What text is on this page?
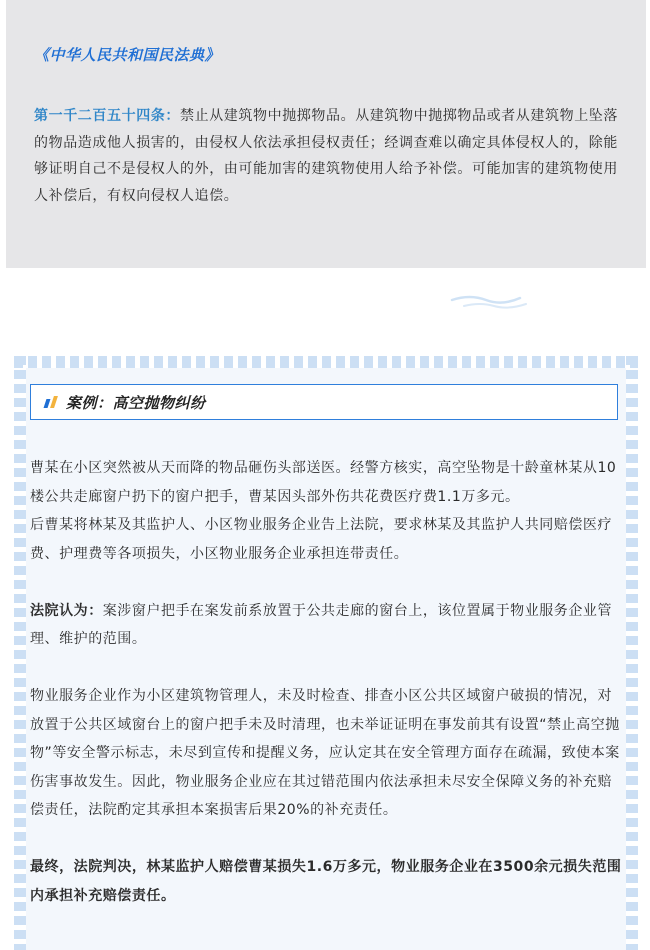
《中华人民共和国民法典》

第一千二百五十四条：禁止从建筑物中抛掷物品。从建筑物中抛掷物品或者从建筑物上坠落的物品造成他人损害的，由侵权人依法承担侵权责任；经调查难以确定具体侵权人的，除能够证明自己不是侵权人的外，由可能加害的建筑物使用人给予补偿。可能加害的建筑物使用人补偿后，有权向侵权人追偿。
案例：高空抛物纠纷

曹某在小区突然被从天而降的物品砸伤头部送医。经警方核实，高空坠物是十龄童林某从10楼公共走廊窗户扔下的窗户把手，曹某因头部外伤共花费医疗费1.1万多元。

后曹某将林某及其监护人、小区物业服务企业告上法院，要求林某及其监护人共同赔偿医疗费、护理费等各项损失，小区物业服务企业承担连带责任。

法院认为：案涉窗户把手在案发前系放置于公共走廊的窗台上，该位置属于物业服务企业管理、维护的范围。

物业服务企业作为小区建筑物管理人，未及时检查、排查小区公共区域窗户破损的情况，对放置于公共区域窗台上的窗户把手未及时清理，也未举证证明在事发前其有设置“禁止高空抛物”等安全警示标志，未尽到宣传和提醒义务，应认定其在安全管理方面存在疏漏，致使本案伤害事故发生。因此，物业服务企业应在其过错范围内依法承担未尽安全保障义务的补充赔偿责任，法院酌定其承担本案损害后果20%的补充责任。

最终，法院判决，林某监护人赔偿曹某损失1.6万多元，物业服务企业在3500余元损失范围内承担补充赔偿责任。
